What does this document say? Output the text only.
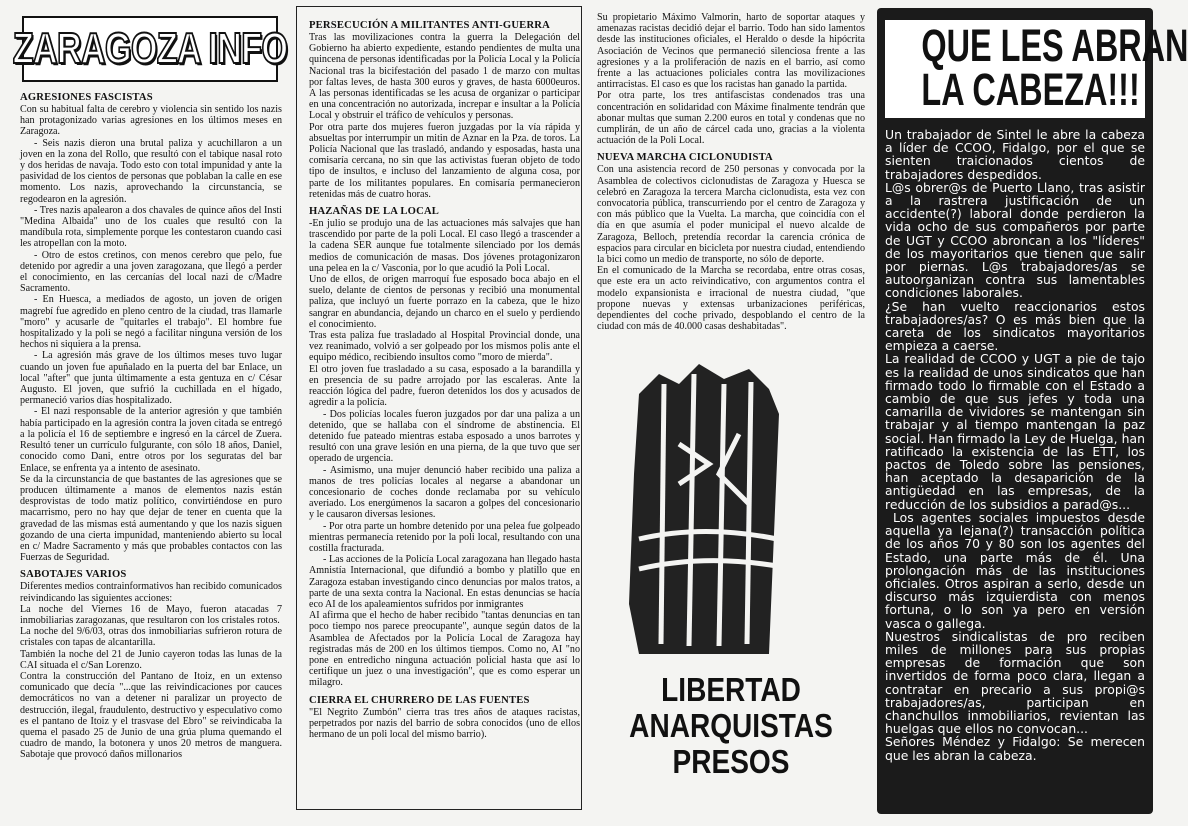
ZARAGOZA INFO
AGRESIONES FASCISTAS

Con su habitual falta de cerebro y violencia sin sentido los nazis han protagonizado varias agresiones en los últimos meses en Zaragoza.

- Seis nazis dieron una brutal paliza y acuchillaron a un joven en la zona del Rollo, que resultó con el tabique nasal roto y dos heridas de navaja. Todo esto con total impunidad y ante la pasividad de los cientos de personas que poblaban la calle en ese momento. Los nazis, aprovechando la circunstancia, se regodearon en la agresión.

- Tres nazis apalearon a dos chavales de quince años del Insti "Medina Albaida" uno de los cuales que resultó con la mandíbula rota, simplemente porque les contestaron cuando casi les atropellan con la moto.

- Otro de estos cretinos, con menos cerebro que pelo, fue detenido por agredir a una joven zaragozana, que llegó a perder el conocimiento, en las cercanías del local nazi de c/Madre Sacramento.

- En Huesca, a mediados de agosto, un joven de origen magrebí fue agredido en pleno centro de la ciudad, tras llamarle "moro" y acusarle de "quitarles el trabajo". El hombre fue hospitalizado y la poli se negó a facilitar ninguna versión de los hechos ni siquiera a la prensa.

- La agresión más grave de los últimos meses tuvo lugar cuando un joven fue apuñalado en la puerta del bar Enlace, un local "after" que junta últimamente a esta gentuza en c/ César Augusto. El joven, que sufrió la cuchillada en el hígado, permaneció varios días hospitalizado.

- El nazi responsable de la anterior agresión y que también había participado en la agresión contra la joven citada se entregó a la policía el 16 de septiembre e ingresó en la cárcel de Zuera. Resultó tener un currículo fulgurante, con sólo 18 años, Daniel, conocido como Dani, entre otros por los seguratas del bar Enlace, se enfrenta ya a intento de asesinato.

Se da la circunstancia de que bastantes de las agresiones que se producen últimamente a manos de elementos nazis están desprovistas de todo matiz político, convirtiéndose en puro macarrismo, pero no hay que dejar de tener en cuenta que la gravedad de las mismas está aumentando y que los nazis siguen gozando de una cierta impunidad, manteniendo abierto su local en c/ Madre Sacramento y más que probables contactos con las Fuerzas de Seguridad.

SABOTAJES VARIOS

Diferentes medios contrainformativos han recibido comunicados reivindicando las siguientes acciones:

La noche del Viernes 16 de Mayo, fueron atacadas 7 inmobiliarias zaragozanas, que resultaron con los cristales rotos.

La noche del 9/6/03, otras dos inmobiliarias sufrieron rotura de cristales con tapas de alcantarilla.

También la noche del 21 de Junio cayeron todas las lunas de la CAI situada el c/San Lorenzo.

Contra la construcción del Pantano de Itoiz, en un extenso comunicado que decía "...que las reivindicaciones por cauces democráticos no van a detener ni paralizar un proyecto de destrucción, ilegal, fraudulento, destructivo y especulativo como es el pantano de Itoiz y el trasvase del Ebro" se reivindicaba la quema el pasado 25 de Junio de una grúa pluma quemando el cuadro de mando, la botonera y unos 20 metros de manguera. Sabotaje que provocó daños millonarios

PERSECUCIÓN A MILITANTES ANTI-GUERRA

Tras las movilizaciones contra la guerra la Delegación del Gobierno ha abierto expediente, estando pendientes de multa una quincena de personas identificadas por la Policía Local y la Policía Nacional tras la bicifestación del pasado 1 de marzo con multas por faltas leves, de hasta 300 euros y graves, de hasta 6000euros. A las personas identificadas se les acusa de organizar o participar en una concentración no autorizada, increpar e insultar a la Policía Local y obstruir el tráfico de vehículos y personas.

Por otra parte dos mujeres fueron juzgadas por la vía rápida y absueltas por interrumpir un mitin de Aznar en la Pza. de toros. La Policía Nacional que las trasladó, andando y esposadas, hasta una comisaría cercana, no sin que las activistas fueran objeto de todo tipo de insultos, e incluso del lanzamiento de alguna cosa, por parte de los militantes populares. En comisaría permanecieron retenidas más de cuatro horas.

HAZAÑAS DE LA LOCAL

-En julio se produjo una de las actuaciones más salvajes que han trascendido por parte de la poli Local. El caso llegó a trascender a la cadena SER aunque fue totalmente silenciado por los demás medios de comunicación de masas. Dos jóvenes protagonizaron una pelea en la c/ Vasconia, por lo que acudió la Poli Local.

Uno de ellos, de origen marroquí fue esposado boca abajo en el suelo, delante de cientos de personas y recibió una monumental paliza, que incluyó un fuerte porrazo en la cabeza, que le hizo sangrar en abundancia, dejando un charco en el suelo y perdiendo el conocimiento.

Tras esta paliza fue trasladado al Hospital Provincial donde, una vez reanimado, volvió a ser golpeado por los mismos polis ante el equipo médico, recibiendo insultos como "moro de mierda".

El otro joven fue trasladado a su casa, esposado a la barandilla y en presencia de su padre arrojado por las escaleras. Ante la reacción lógica del padre, fueron detenidos los dos y acusados de agredir a la policía.

- Dos policías locales fueron juzgados por dar una paliza a un detenido, que se hallaba con el síndrome de abstinencia. El detenido fue pateado mientras estaba esposado a unos barrotes y resultó con una grave lesión en una pierna, de la que tuvo que ser operado de urgencia.

- Asimismo, una mujer denunció haber recibido una paliza a manos de tres policías locales al negarse a abandonar un concesionario de coches donde reclamaba por su vehículo averiado. Los energúmenos la sacaron a golpes del concesionario y le causaron diversas lesiones.

- Por otra parte un hombre detenido por una pelea fue golpeado mientras permanecía retenido por la poli local, resultando con una costilla fracturada.

- Las acciones de la Policía Local zaragozana han llegado hasta Amnistía Internacional, que difundió a bombo y platillo que en Zaragoza estaban investigando cinco denuncias por malos tratos, a parte de una sexta contra la Nacional. En estas denuncias se hacía eco AI de los apaleamientos sufridos por inmigrantes

AI afirma que el hecho de haber recibido "tantas denuncias en tan poco tiempo nos parece preocupante", aunque según datos de la Asamblea de Afectados por la Policía Local de Zaragoza hay registradas más de 200 en los últimos tiempos. Como no, AI "no pone en entredicho ninguna actuación policial hasta que así lo certifique un juez o una investigación", que es como esperar un milagro.

CIERRA EL CHURRERO DE LAS FUENTES

"El Negrito Zumbón" cierra tras tres años de ataques racistas, perpetrados por nazis del barrio de sobra conocidos (uno de ellos hermano de un poli local del mismo barrio).

Su propietario Máximo Valmorin, harto de soportar ataques y amenazas racistas decidió dejar el barrio. Todo han sido lamentos desde las instituciones oficiales, el Heraldo o desde la hipócrita Asociación de Vecinos que permaneció silenciosa frente a las agresiones y a la proliferación de nazis en el barrio, así como frente a las actuaciones policiales contra las movilizaciones antirracistas. El caso es que los racistas han ganado la partida.

Por otra parte, los tres antifascistas condenados tras una concentración en solidaridad con Máxime finalmente tendrán que abonar multas que suman 2.200 euros en total y condenas que no cumplirán, de un año de cárcel cada uno, gracias a la violenta actuación de la Poli Local.

NUEVA MARCHA CICLONUDISTA

Con una asistencia record de 250 personas y convocada por la Asamblea de colectivos ciclonudistas de Zaragoza y Huesca se celebró en Zaragoza la tercera Marcha ciclonudista, esta vez con convocatoria pública, transcurriendo por el centro de Zaragoza y con más público que la Vuelta. La marcha, que coincidía con el día en que asumía el poder municipal el nuevo alcalde de Zaragoza, Belloch, pretendía recordar la carencia crónica de espacios para circular en bicicleta por nuestra ciudad, entendiendo la bici como un medio de transporte, no sólo de deporte.

En el comunicado de la Marcha se recordaba, entre otras cosas, que este era un acto reivindicativo, con argumentos contra el modelo expansionista e irracional de nuestra ciudad, "que propone nuevas y extensas urbanizaciones periféricas, dependientes del coche privado, despoblando el centro de la ciudad con más de 40.000 casas deshabitadas".

LIBERTAD
ANARQUISTAS
PRESOS
QUE LES ABRAN
LA CABEZA!!!

Un trabajador de Sintel le abre la cabeza a líder de CCOO, Fidalgo, por el que se sienten traicionados cientos de trabajadores despedidos.

L@s obrer@s de Puerto Llano, tras asistir a la rastrera justificación de un accidente(?) laboral donde perdieron la vida ocho de sus compañeros por parte de UGT y CCOO abroncan a los "líderes" de los mayoritarios que tienen que salir por piernas. L@s trabajadores/as se autoorganizan contra sus lamentables condiciones laborales.

¿Se han vuelto reaccionarios estos trabajadores/as? O es más bien que la careta de los sindicatos mayoritarios empieza a caerse.

La realidad de CCOO y UGT a pie de tajo es la realidad de unos sindicatos que han firmado todo lo firmable con el Estado a cambio de que sus jefes y toda una camarilla de vividores se mantengan sin trabajar y al tiempo mantengan la paz social. Han firmado la Ley de Huelga, han ratificado la existencia de las ETT, los pactos de Toledo sobre las pensiones, han aceptado la desaparición de la antigüedad en las empresas, de la reducción de los subsidios a parad@s...

Los agentes sociales impuestos desde aquella ya lejana(?) transacción política de los años 70 y 80 son los agentes del Estado, una parte más de él. Una prolongación más de las instituciones oficiales. Otros aspiran a serlo, desde un discurso más izquierdista con menos fortuna, o lo son ya pero en versión vasca o gallega.

Nuestros sindicalistas de pro reciben miles de millones para sus propias empresas de formación que son invertidos de forma poco clara, llegan a contratar en precario a sus propi@s trabajadores/as, participan en chanchullos inmobiliarios, revientan las huelgas que ellos no convocan...

Señores Méndez y Fidalgo: Se merecen que les abran la cabeza.
